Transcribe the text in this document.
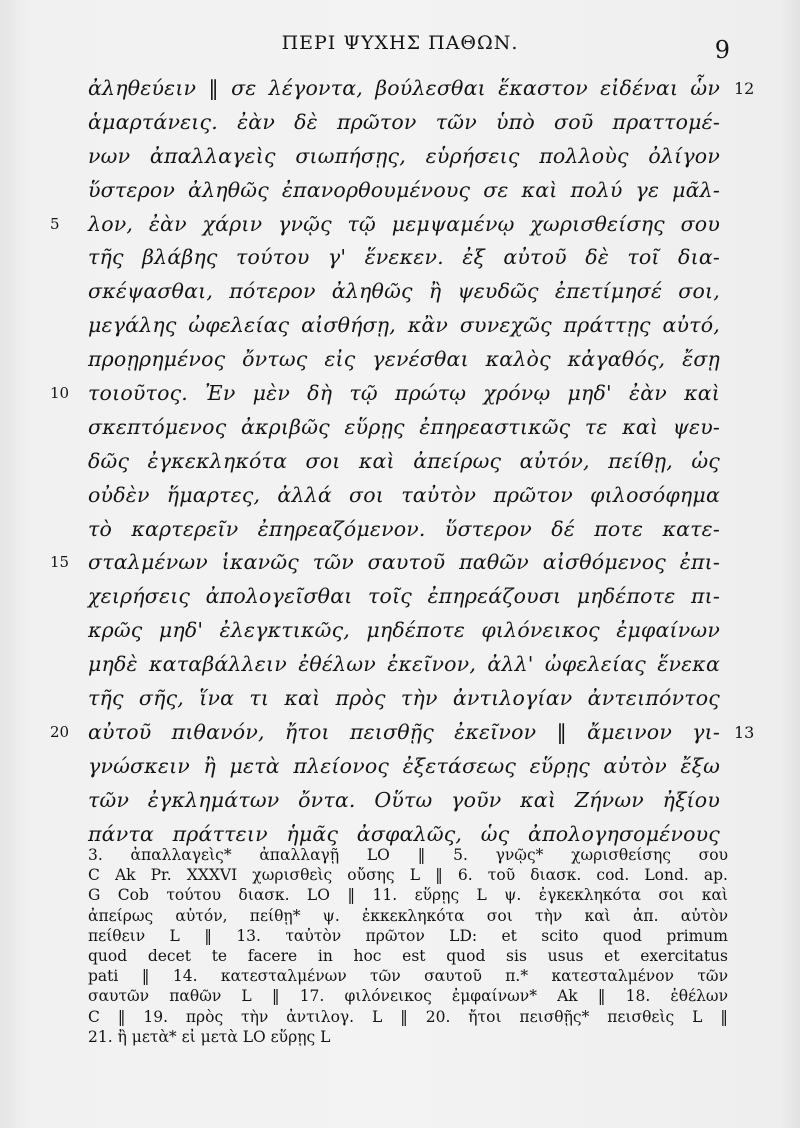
ΠΕΡΙ ΨΥΧΗΣ ΠΑΘΩΝ.	9
ἀληθεύειν ‖ σε λέγοντα, βούλεσθαι ἕκαστον εἰδέναι ὧν 12
ἁμαρτάνεις. ἐὰν δὲ πρῶτον τῶν ὑπὸ σοῦ πραττομέ-
νων ἀπαλλαγεὶς σιωπήσῃς, εὑρήσεις πολλοὺς ὀλίγον
ὕστερον ἀληθῶς ἐπανορθουμένους σε καὶ πολύ γε μᾶλ-
λον, ἐὰν χάριν γνῷς τῷ μεμψαμένῳ χωρισθείσης σου
5
τῆς βλάβης τούτου γ' ἕνεκεν. ἐξ αὐτοῦ δὲ τοῖ δια-
σκέψασθαι, πότερον ἀληθῶς ἢ ψευδῶς ἐπετίμησέ σοι,
μεγάλης ὠφελείας αἰσθήσῃ, κἂν συνεχῶς πράττῃς αὐτό,
προῃρημένος ὄντως εἰς γενέσθαι καλὸς κἀγαθός, ἔσῃ
τοιοῦτος. Ἐν μὲν δὴ τῷ πρώτῳ χρόνῳ μηδ' ἐὰν καὶ
10
σκεπτόμενος ἀκριβῶς εὕρῃς ἐπηρεαστικῶς τε καὶ ψευ-
δῶς ἐγκεκληκότα σοι καὶ ἀπείρως αὐτόν, πείθῃ, ὡς
οὐδὲν ἥμαρτες, ἀλλά σοι ταὐτὸν πρῶτον φιλοσόφημα
τὸ καρτερεῖν ἐπηρεαζόμενον. ὕστερον δέ ποτε κατε-
σταλμένων ἱκανῶς τῶν σαυτοῦ παθῶν αἰσθόμενος ἐπι-
15
χειρήσεις ἀπολογεῖσθαι τοῖς ἐπηρεάζουσι μηδέποτε πι-
κρῶς μηδ' ἐλεγκτικῶς, μηδέποτε φιλόνεικος ἐμφαίνων
μηδὲ καταβάλλειν ἐθέλων ἐκεῖνον, ἀλλ' ὠφελείας ἕνεκα
τῆς σῆς, ἵνα τι καὶ πρὸς τὴν ἀντιλογίαν ἀντειπόντος
αὐτοῦ πιθανόν, ἤτοι πεισθῇς ἐκεῖνον ‖ ἄμεινον γι-
20	13
γνώσκειν ἢ μετὰ πλείονος ἐξετάσεως εὕρῃς αὐτὸν ἔξω
τῶν ἐγκλημάτων ὄντα. Οὕτω γοῦν καὶ Ζήνων ἠξίου
πάντα πράττειν ἡμᾶς ἀσφαλῶς, ὡς ἀπολογησομένους
3. ἀπαλλαγεὶς* ἀπαλλαγῇ LO ‖ 5. γνῷς* χωρισθείσης σου
C Ak Pr. XXXVI χωρισθεὶς οὔσης L ‖ 6. τοῦ διασκ. cod. Lond. ap.
G Cob τούτου διασκ. LO ‖ 11. εὕρῃς L ψ. ἐγκεκληκότα σοι καὶ
ἀπείρως αὐτόν, πείθῃ* ψ. ἐκκεκληκότα σοι τὴν καὶ ἀπ. αὐτὸν
πείθειν L ‖ 13. ταὐτὸν πρῶτον LD: et scito quod primum
quod decet te facere in hoc est quod sis usus et exercitatus
pati ‖ 14. κατεσταλμένων τῶν σαυτοῦ π.* κατεσταλμένον τῶν
σαυτῶν παθῶν L ‖ 17. φιλόνεικος ἐμφαίνων* Ak ‖ 18. ἐθέλων
C ‖ 19. πρὸς τὴν ἀντιλογ. L ‖ 20. ἤτοι πεισθῇς* πεισθεὶς L ‖
21. ἢ μετὰ* εἰ μετὰ LO εὕρῃς L
